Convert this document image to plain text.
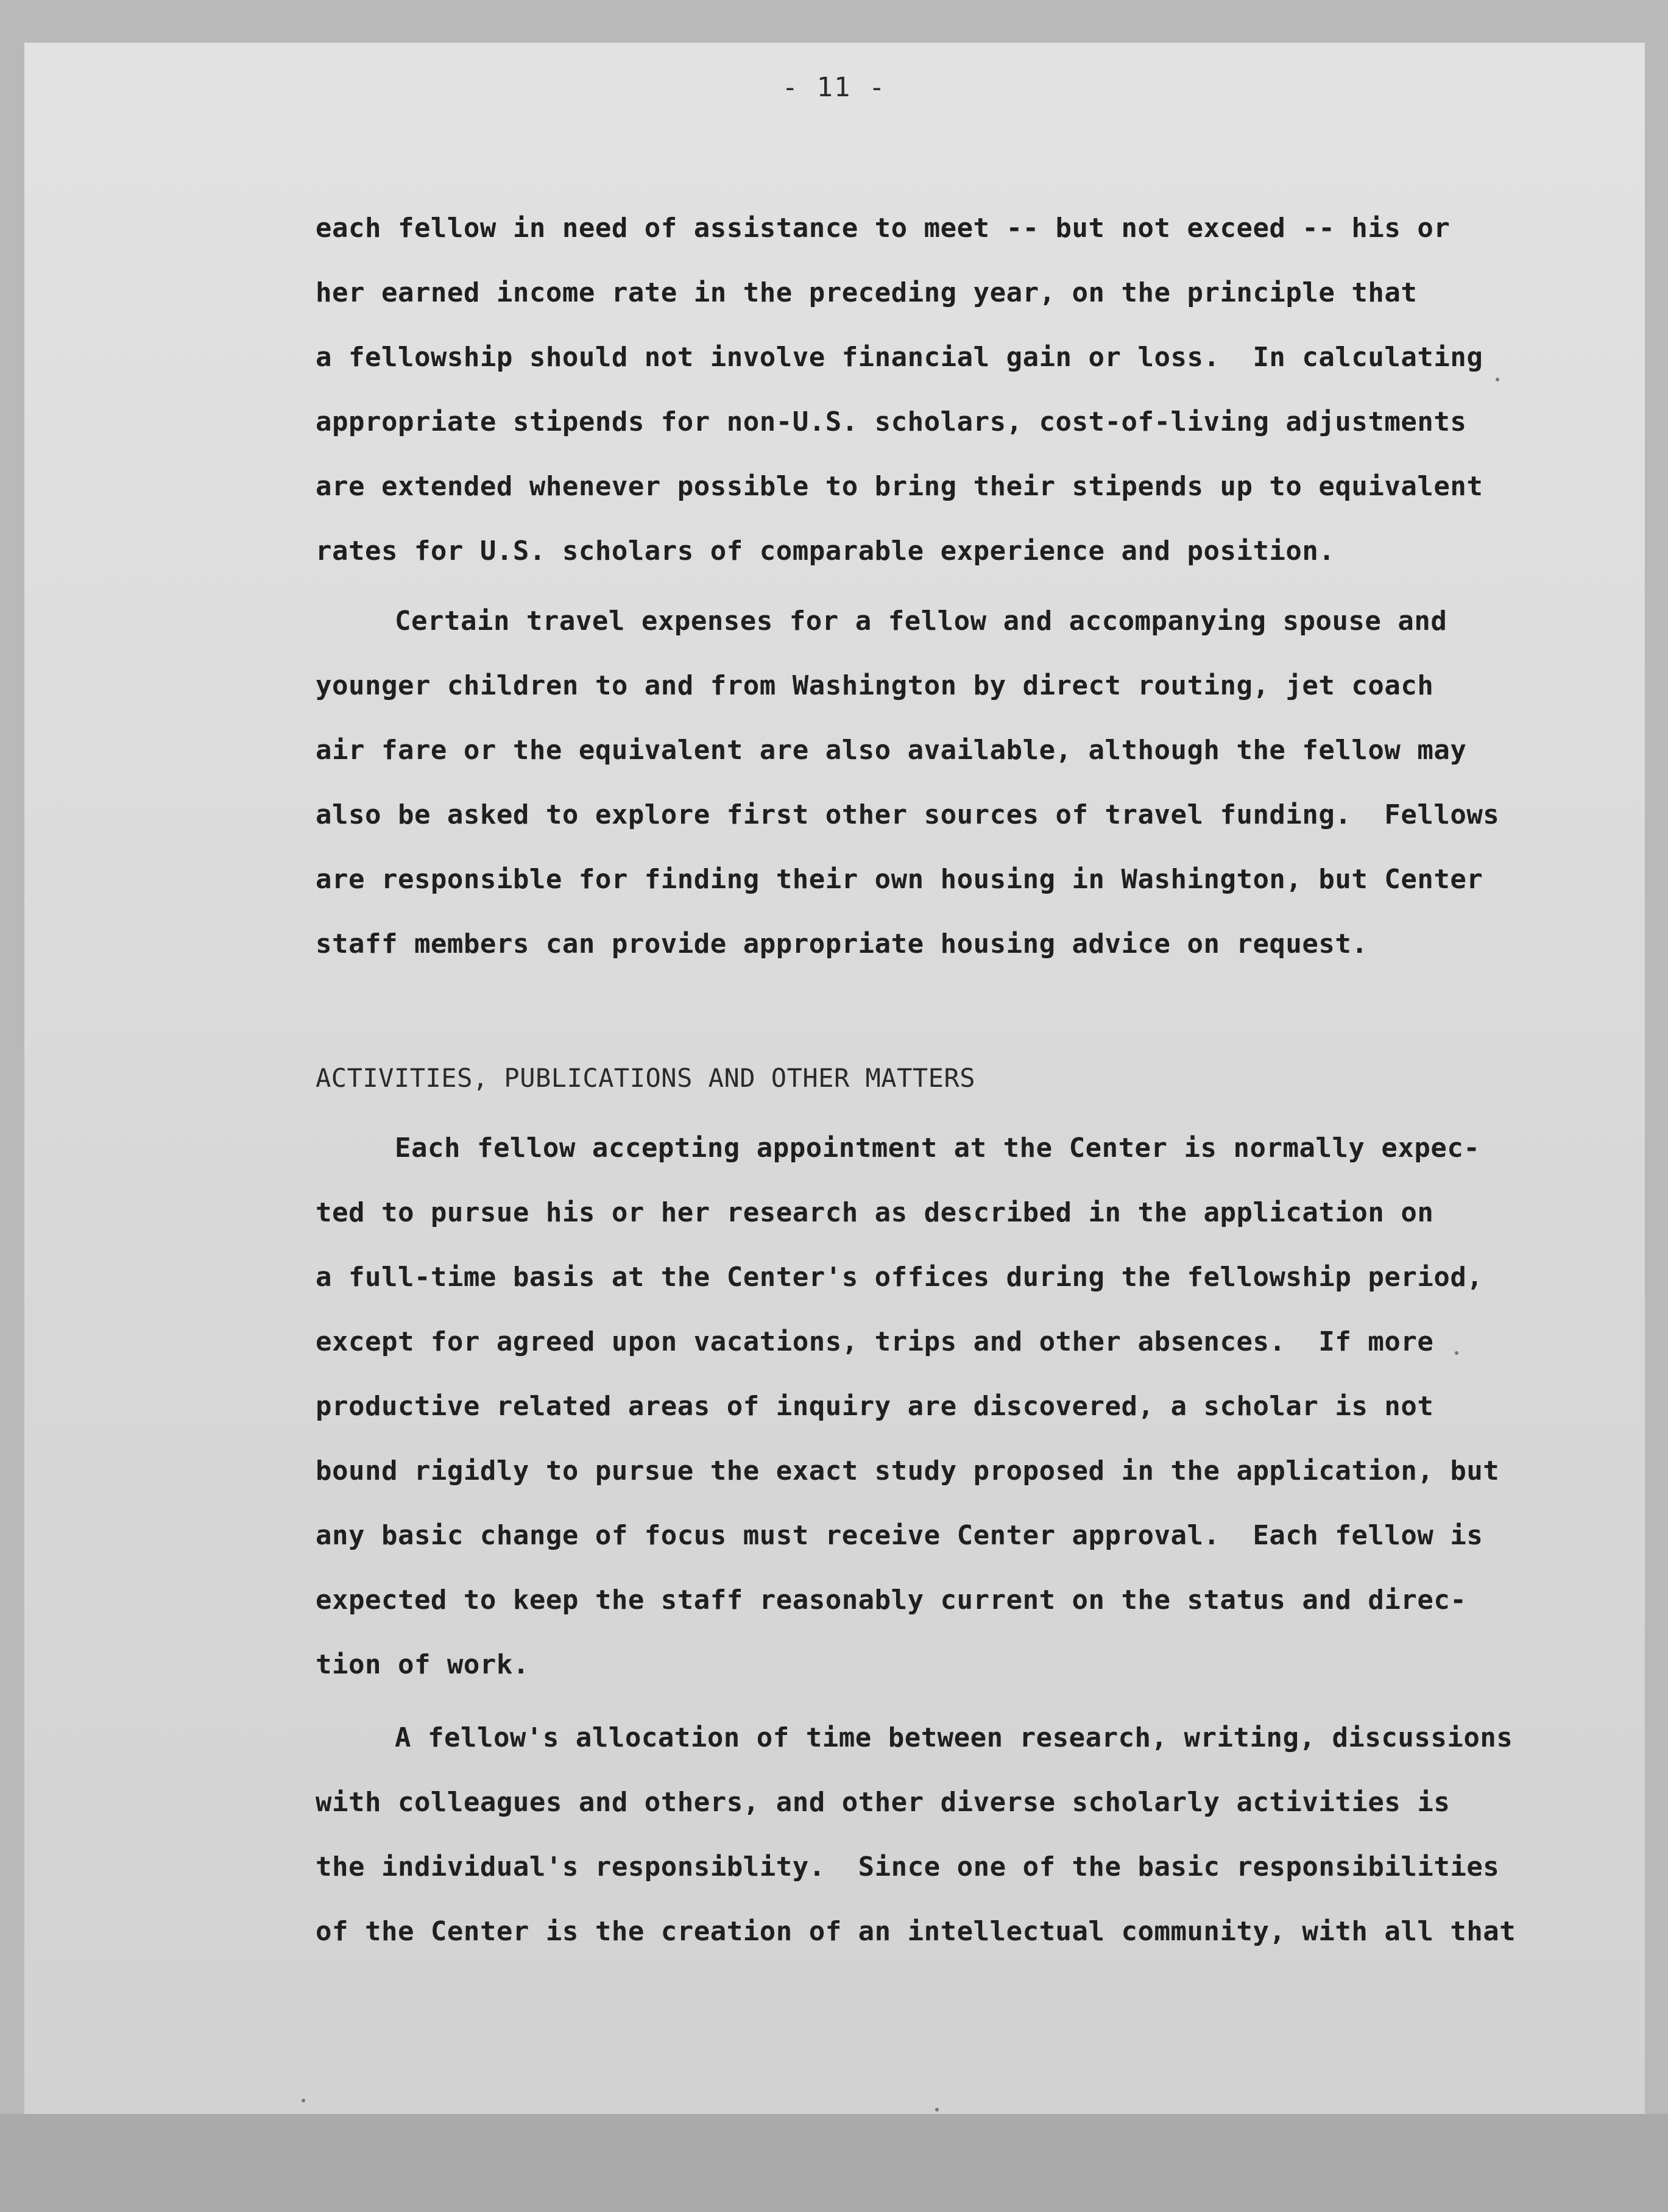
- 11 -
each fellow in need of assistance to meet -- but not exceed -- his or
her earned income rate in the preceding year, on the principle that
a fellowship should not involve financial gain or loss.  In calculating
appropriate stipends for non-U.S. scholars, cost-of-living adjustments
are extended whenever possible to bring their stipends up to equivalent
rates for U.S. scholars of comparable experience and position.
Certain travel expenses for a fellow and accompanying spouse and
younger children to and from Washington by direct routing, jet coach
air fare or the equivalent are also available, although the fellow may
also be asked to explore first other sources of travel funding.  Fellows
are responsible for finding their own housing in Washington, but Center
staff members can provide appropriate housing advice on request.
ACTIVITIES, PUBLICATIONS AND OTHER MATTERS
Each fellow accepting appointment at the Center is normally expec-
ted to pursue his or her research as described in the application on
a full-time basis at the Center's offices during the fellowship period,
except for agreed upon vacations, trips and other absences.  If more
productive related areas of inquiry are discovered, a scholar is not
bound rigidly to pursue the exact study proposed in the application, but
any basic change of focus must receive Center approval.  Each fellow is
expected to keep the staff reasonably current on the status and direc-
tion of work.
A fellow's allocation of time between research, writing, discussions
with colleagues and others, and other diverse scholarly activities is
the individual's responsiblity.  Since one of the basic responsibilities
of the Center is the creation of an intellectual community, with all that
